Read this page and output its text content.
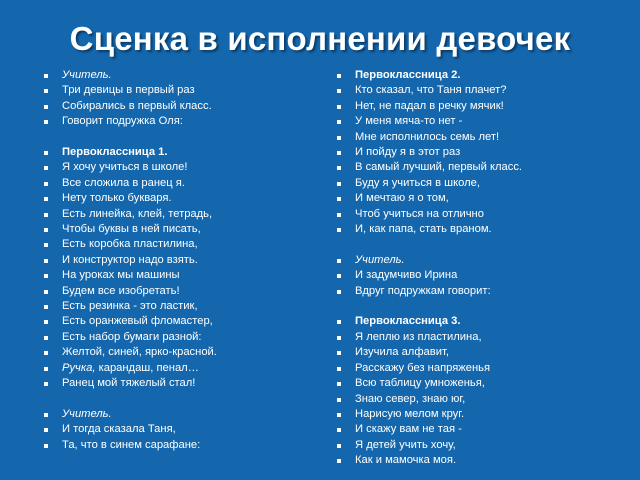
Сценка в исполнении девочек
Учитель.
Три девицы в первый раз
Собирались в первый класс.
Говорит подружка Оля:
Первоклассница 1.
Я хочу учиться в школе!
Все сложила в ранец я.
Нету только букваря.
Есть линейка, клей, тетрадь,
Чтобы буквы в ней писать,
Есть коробка пластилина,
И конструктор надо взять.
На уроках мы машины
Будем все изобретать!
Есть резинка - это ластик,
Есть оранжевый фломастер,
Есть набор бумаги разной:
Желтой, синей, ярко-красной.
Ручка, карандаш, пенал…
Ранец мой тяжелый стал!
Учитель.
И тогда сказала Таня,
Та, что в синем сарафане:
Первоклассница 2.
Кто сказал, что Таня плачет?
Нет, не падал в речку мячик!
У меня мяча-то нет -
Мне исполнилось семь лет!
И пойду я в этот раз
В самый лучший, первый класс.
Буду я учиться в школе,
И мечтаю я о том,
Чтоб учиться на отлично
И, как папа, стать враном.
Учитель.
И задумчиво Ирина
Вдруг подружкам говорит:
Первоклассница 3.
Я леплю из пластилина,
Изучила алфавит,
Расскажу без напряженья
Всю таблицу умноженья,
Знаю север, знаю юг,
Нарисую мелом круг.
И скажу вам не тая -
Я детей учить хочу,
Как и мамочка моя.
